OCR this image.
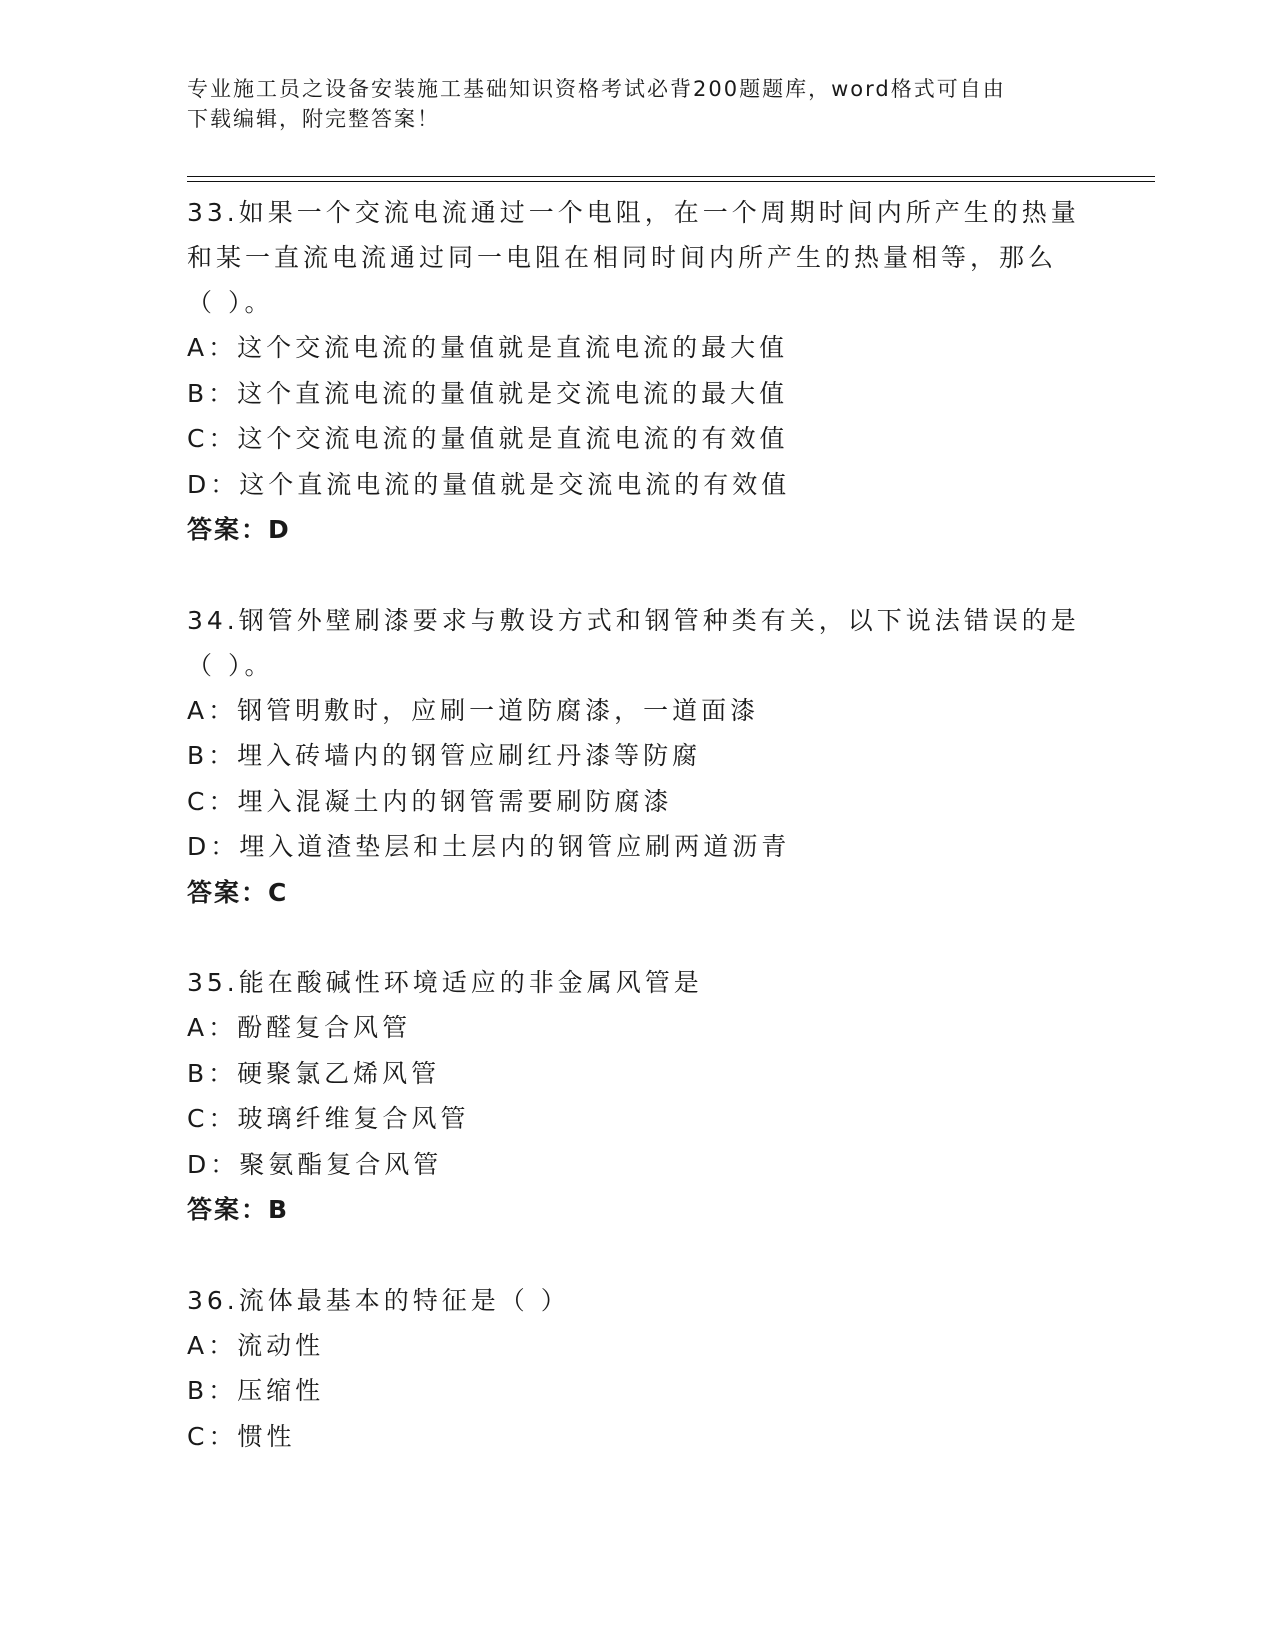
专业施工员之设备安装施工基础知识资格考试必背200题题库，word格式可自由
下载编辑，附完整答案！
33.如果一个交流电流通过一个电阻，在一个周期时间内所产生的热量
和某一直流电流通过同一电阻在相同时间内所产生的热量相等，那么
（ ）。
A：这个交流电流的量值就是直流电流的最大值
B：这个直流电流的量值就是交流电流的最大值
C：这个交流电流的量值就是直流电流的有效值
D：这个直流电流的量值就是交流电流的有效值
答案：D
34.钢管外壁刷漆要求与敷设方式和钢管种类有关，以下说法错误的是
（ ）。
A：钢管明敷时，应刷一道防腐漆，一道面漆
B：埋入砖墙内的钢管应刷红丹漆等防腐
C：埋入混凝土内的钢管需要刷防腐漆
D：埋入道渣垫层和土层内的钢管应刷两道沥青
答案：C
35.能在酸碱性环境适应的非金属风管是
A：酚醛复合风管
B：硬聚氯乙烯风管
C：玻璃纤维复合风管
D：聚氨酯复合风管
答案：B
36.流体最基本的特征是（ ）
A：流动性
B：压缩性
C：惯性
